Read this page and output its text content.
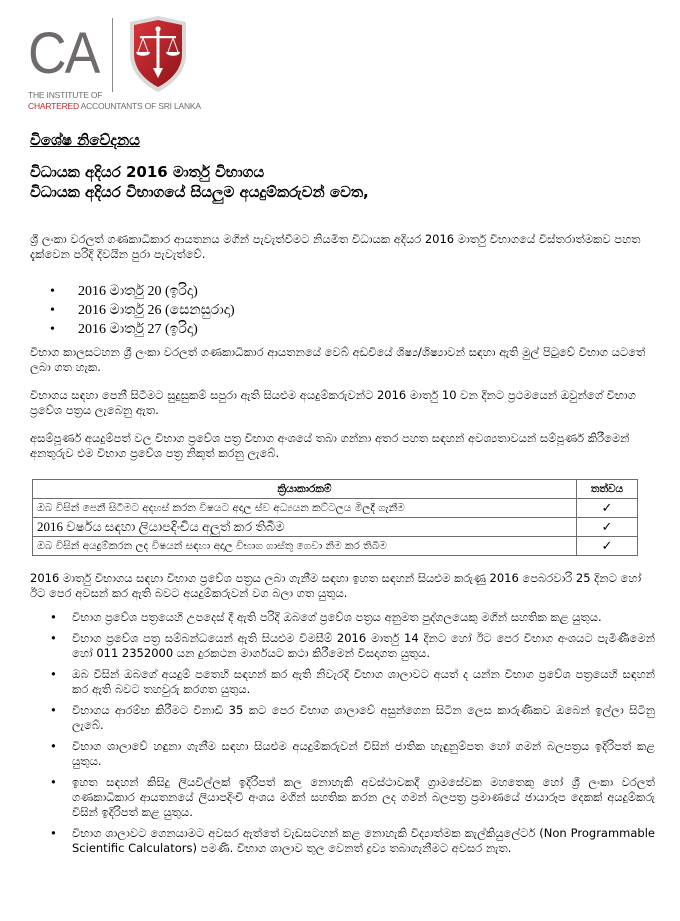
CA
THE INSTITUTE OF
CHARTERED ACCOUNTANTS OF SRI LANKA
විශේෂ නිවේදනය
විධායක අදියර 2016 මාර්තු විභාගය
විධායක අදියර විභාගයේ සියලුම අයදුම්කරුවන් වෙත,
ශ්‍රී ලංකා වරලත් ගණකාධිකාර ආයතනය මගින් පැවැත්වීමට නියමිත විධායක අදියර 2016 මාර්තු විභාගයේ විස්තරාත්මකව පහත දැක්වෙන පරිදි දිවයින පුරා පැවැත්වේ.
• 2016 මාර්තු 20 (ඉරිදා)
• 2016 මාර්තු 26 (සෙනසුරාදා)
• 2016 මාර්තු 27 (ඉරිදා)
විභාග කාලසටහන ශ්‍රී ලංකා වරලත් ගණකාධිකාර ආයතනයේ වෙබ් අඩවියේ ශිෂ්‍ය/ශිෂ්‍යාවන් සඳහා ඇති මුල් පිටුවේ විභාග යටතේ ලබා ගත හැක.
විභාගය සඳහා පෙනී සිටීමට සුදුසුකම් සපුරා ඇති සියළුම අයදුම්කරුවන්ට 2016 මාර්තු 10 වන දිනට ප්‍රථමයෙන් ඔවුන්ගේ විභාග ප්‍රවේශ පත්‍රය ලැබෙනු ඇත.
අසම්පූර්ණ අයදුම්පත් වල විභාග ප්‍රවේශ පත්‍ර විභාග අංශයේ තබා ගන්නා අතර පහත සඳහන් අවශ්‍යතාවයන් සම්පූර්ණ කිරීමෙන් අනතුරුව එම විභාග ප්‍රවේශ පත්‍ර නිකුත් කරනු ලැබේ.
ක්‍රියාකාරකම්	තත්වය
ඔබ විසින් පෙනී සිටීමට අදහස් කරන විෂයට අදාල ස්ව අධ්‍යයන කට්ටලය මිලදී ගැනීම	✓
2016 වර්ෂය සඳහා ලියාපදිංචිය අලුත් කර තිබීම	✓
ඔබ විසින් අයදුම්කරන ලද විෂයන් සඳහා අදාල විභාග ගාස්තු ගෙවා නිම කර තිබීම	✓
2016 මාර්තු විභාගය සඳහා විභාග ප්‍රවේශ පත්‍රය ලබා ගැනීම සඳහා ඉහත සඳහන් සියළුම කරුණු 2016 පෙබරවාරි 25 දිනට හෝ ඊට පෙර අවසන් කර ඇති බවට අයදුම්කරුවන් වග බලා ගත යුතුය.
• විභාග ප්‍රවේශ පත්‍රයෙහි උපදෙස් දී ඇති පරිදි ඔබගේ ප්‍රවේශ පත්‍රය අනුමත පුද්ගලයෙකු මගින් සහතික කළ යුතුය.
• විභාග ප්‍රවේශ පත්‍ර සම්බන්ධයෙන් ඇති සියළුම විමසීම් 2016 මාර්තු 14 දිනට හෝ ඊට පෙර විභාග අංශයට පැමිණීමෙන් හෝ 011 2352000 යන දුරකථන මාර්ගයට කථා කිරීමෙන් විසදාගත යුතුය.
• ඔබ විසින් ඔබගේ අයදුම් පතෙහි සඳහන් කර ඇති නිවැරදි විභාග ශාලාවට අයත් ද යන්න විභාග ප්‍රවේශ පත්‍රයෙහි සඳහන් කර ඇති බවට තහවුරු කරගත යුතුය.
• විභාගය ආරම්භ කිරීමට විනාඩි 35 කට පෙර විභාග ශාලාවේ අසුන්ගෙන සිටින ලෙස කාරුණිකව ඔබෙන් ඉල්ලා සිටිනු ලැබේ.
• විභාග ශාලාවේ හඳුනා ගැනීම සඳහා සියළුම අයදුම්කරුවන් විසින් ජාතික හැඳුනුම්පත හෝ ගමන් බලපත්‍රය ඉදිරිපත් කළ යුතුය.
• ඉහත සඳහන් කිසිදු ලියවිල්ලක් ඉදිරිපත් කල නොහැකි අවස්ථාවකදී ග්‍රාමසේවක මහතෙකු හෝ ශ්‍රී ලංකා වරලත් ගණකාධිකාර ආයතනයේ ලියාපදිංචි අංශය මගින් සහතික කරන ලද ගමන් බලපත්‍ර ප්‍රමාණයේ ඡායාරූප දෙකක් අයදුම්කරු විසින් ඉදිරිපත් කළ යුතුය.
• විභාග ශාලාවට ගෙනයාමට අවසර ඇත්තේ වැඩසටහන් කළ නොහැකි විද්‍යාත්මක කැල්කියුලේටර් (Non Programmable Scientific Calculators) පමණි. විභාග ශාලාව තුල වෙනත් ද්‍රව්‍ය තබාගැනීමට අවසර නැත.
